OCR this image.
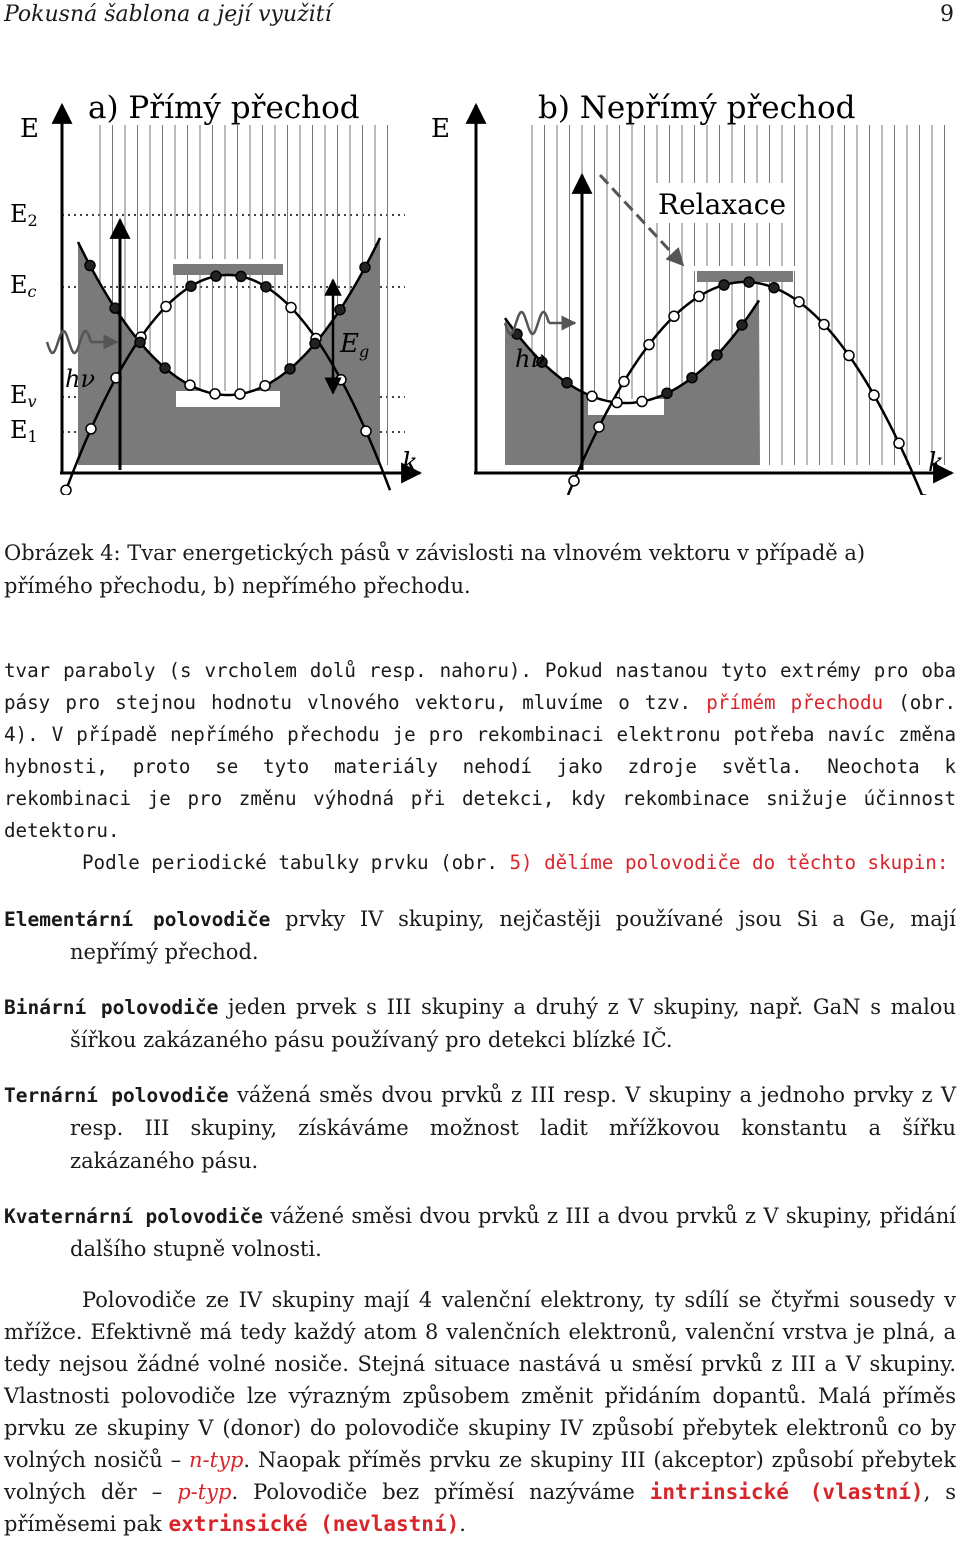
Pokusná šablona a její využití	9
a) Přímý přechod
E
k
E2
Ec
Ev
E1
Eg
hν
b) Nepřímý přechod
E
k
Relaxace
hν
Obrázek 4: Tvar energetických pásů v závislosti na vlnovém vektoru v případě a) přímého přechodu, b) nepřímého přechodu.
tvar paraboly (s vrcholem dolů resp. nahoru). Pokud nastanou tyto extrémy pro oba pásy pro stejnou hodnotu vlnového vektoru, mluvíme o tzv. přímém přechodu (obr. 4). V případě nepřímého přechodu je pro rekombinaci elektronu potřeba navíc změna hybnosti, proto se tyto materiály nehodí jako zdroje světla. Neochota k rekombinaci je pro změnu výhodná při detekci, kdy rekombinace snižuje účinnost detektoru.
Podle periodické tabulky prvku (obr. 5) dělíme polovodiče do těchto skupin:
Elementární polovodiče prvky IV skupiny, nejčastěji používané jsou Si a Ge, mají nepřímý přechod.
Binární polovodiče jeden prvek s III skupiny a druhý z V skupiny, např. GaN s malou šířkou zakázaného pásu používaný pro detekci blízké IČ.
Ternární polovodiče vážená směs dvou prvků z III resp. V skupiny a jednoho prvky z V resp. III skupiny, získáváme možnost ladit mřížkovou konstantu a šířku zakázaného pásu.
Kvaternární polovodiče vážené směsi dvou prvků z III a dvou prvků z V skupiny, přidání dalšího stupně volnosti.
Polovodiče ze IV skupiny mají 4 valenční elektrony, ty sdílí se čtyřmi sousedy v mřížce. Efektivně má tedy každý atom 8 valenčních elektronů, valenční vrstva je plná, a tedy nejsou žádné volné nosiče. Stejná situace nastává u směsí prvků z III a V skupiny. Vlastnosti polovodiče lze výrazným způsobem změnit přidáním dopantů. Malá příměs prvku ze skupiny V (donor) do polovodiče skupiny IV způsobí přebytek elektronů co by volných nosičů – n-typ. Naopak příměs prvku ze skupiny III (akceptor) způsobí přebytek volných děr – p-typ. Polovodiče bez příměsí nazýváme intrinsické (vlastní), s příměsemi pak extrinsické (nevlastní).
